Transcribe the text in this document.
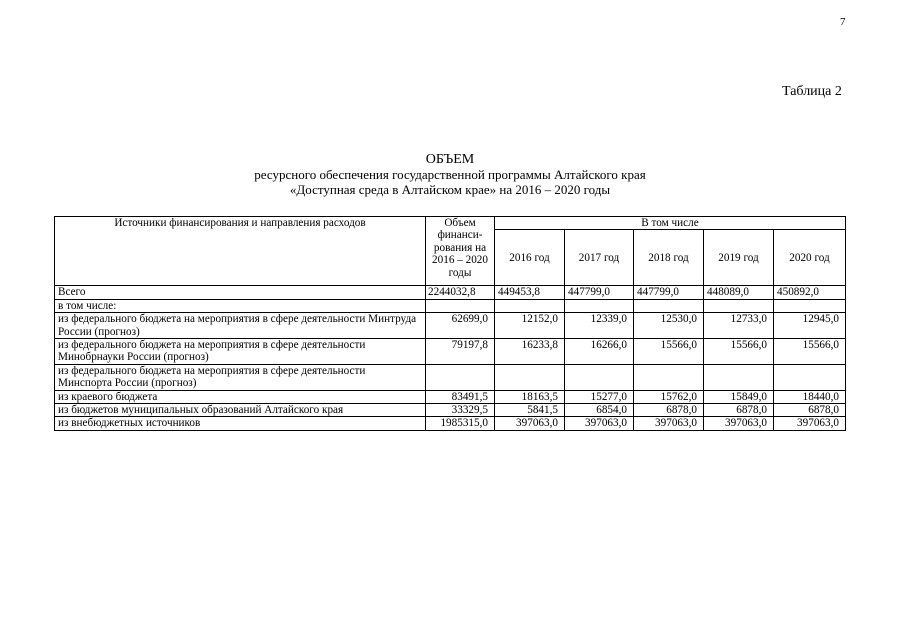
7
Таблица 2
ОБЪЕМ
ресурсного обеспечения государственной программы Алтайского края
«Доступная среда в Алтайском крае» на 2016 – 2020 годы
Источники финансирования и направления расходов	Объем финанси-рования на 2016 – 2020 годы	В том числе				
		2016 год	2017 год	2018 год	2019 год	2020 год
Всего	2244032,8	449453,8	447799,0	447799,0	448089,0	450892,0
в том числе:						
из федерального бюджета на мероприятия в сфере деятельности Минтруда России (прогноз)	62699,0	12152,0	12339,0	12530,0	12733,0	12945,0
из федерального бюджета на мероприятия в сфере деятельности Минобрнауки России (прогноз)	79197,8	16233,8	16266,0	15566,0	15566,0	15566,0
из федерального бюджета на мероприятия в сфере деятельности Минспорта России (прогноз)						
из краевого бюджета	83491,5	18163,5	15277,0	15762,0	15849,0	18440,0
из бюджетов муниципальных образований Алтайского края	33329,5	5841,5	6854,0	6878,0	6878,0	6878,0
из внебюджетных источников	1985315,0	397063,0	397063,0	397063,0	397063,0	397063,0
